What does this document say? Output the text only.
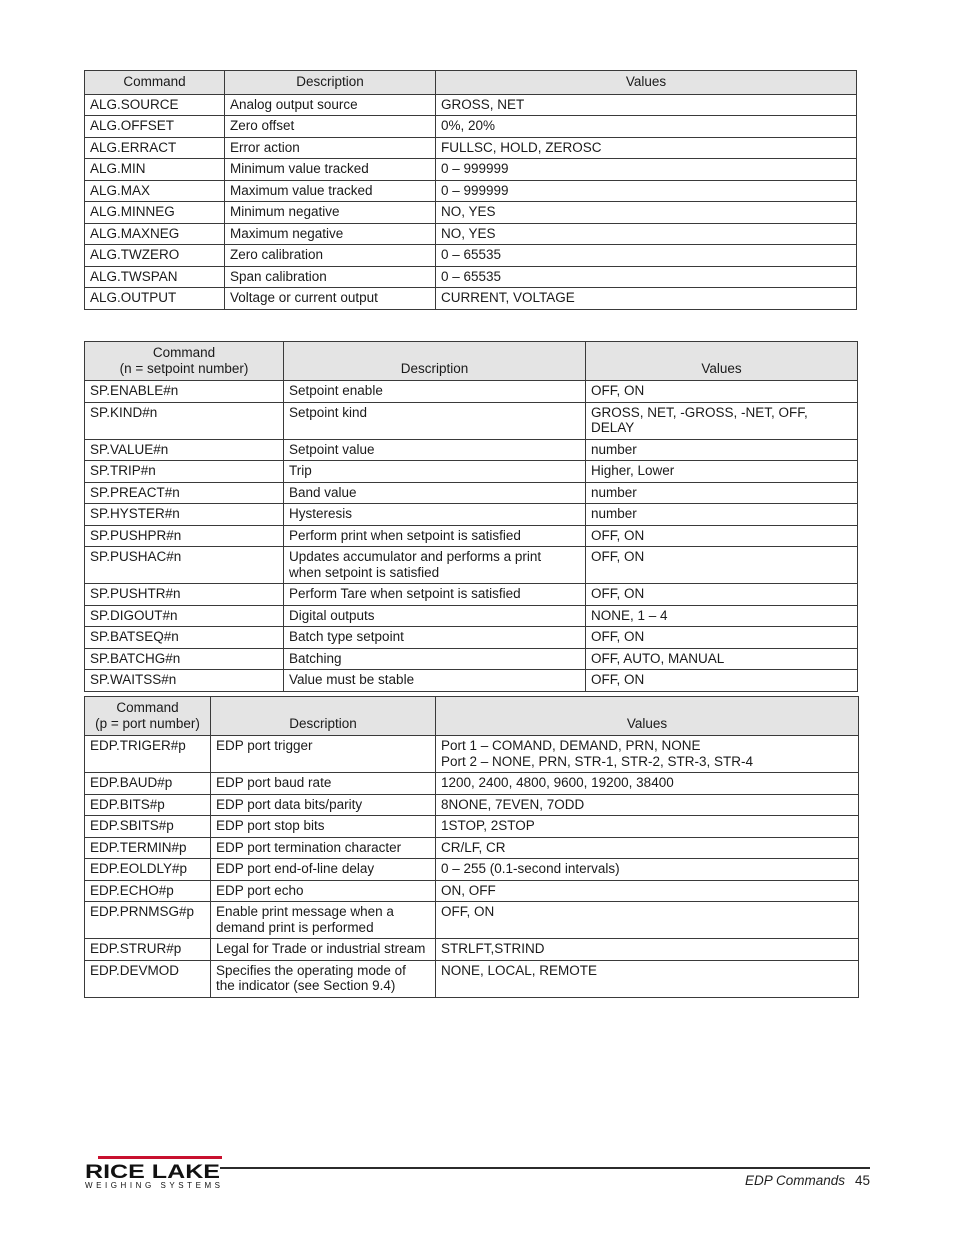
Command	Description	Values
ALG.SOURCE	Analog output source	GROSS, NET
ALG.OFFSET	Zero offset	0%, 20%
ALG.ERRACT	Error action	FULLSC, HOLD, ZEROSC
ALG.MIN	Minimum value tracked	0 – 999999
ALG.MAX	Maximum value tracked	0 – 999999
ALG.MINNEG	Minimum negative	NO, YES
ALG.MAXNEG	Maximum negative	NO, YES
ALG.TWZERO	Zero calibration	0 – 65535
ALG.TWSPAN	Span calibration	0 – 65535
ALG.OUTPUT	Voltage or current output	CURRENT, VOLTAGE
Command
(n = setpoint number)	Description	Values
SP.ENABLE#n	Setpoint enable	OFF, ON
SP.KIND#n	Setpoint kind	GROSS, NET, -GROSS, -NET, OFF, DELAY
SP.VALUE#n	Setpoint value	number
SP.TRIP#n	Trip	Higher, Lower
SP.PREACT#n	Band value	number
SP.HYSTER#n	Hysteresis	number
SP.PUSHPR#n	Perform print when setpoint is satisfied	OFF, ON
SP.PUSHAC#n	Updates accumulator and performs a print
when setpoint is satisfied	OFF, ON
SP.PUSHTR#n	Perform Tare when setpoint is satisfied	OFF, ON
SP.DIGOUT#n	Digital outputs	NONE, 1 – 4
SP.BATSEQ#n	Batch type setpoint	OFF, ON
SP.BATCHG#n	Batching	OFF, AUTO, MANUAL
SP.WAITSS#n	Value must be stable	OFF, ON
Command
(p = port number)	Description	Values
EDP.TRIGER#p	EDP port trigger	Port 1 – COMAND, DEMAND, PRN, NONE
Port 2 – NONE, PRN, STR-1, STR-2, STR-3, STR-4
EDP.BAUD#p	EDP port baud rate	1200, 2400, 4800, 9600, 19200, 38400
EDP.BITS#p	EDP port data bits/parity	8NONE, 7EVEN, 7ODD
EDP.SBITS#p	EDP port stop bits	1STOP, 2STOP
EDP.TERMIN#p	EDP port termination character	CR/LF, CR
EDP.EOLDLY#p	EDP port end-of-line delay	0 – 255 (0.1-second intervals)
EDP.ECHO#p	EDP port echo	ON, OFF
EDP.PRNMSG#p	Enable print message when a
demand print is performed	OFF, ON
EDP.STRUR#p	Legal for Trade or industrial stream	STRLFT,STRIND
EDP.DEVMOD	Specifies the operating mode of
the indicator (see Section 9.4)	NONE, LOCAL, REMOTE
RICE LAKE
WEIGHING SYSTEMS	EDP Commands 45
